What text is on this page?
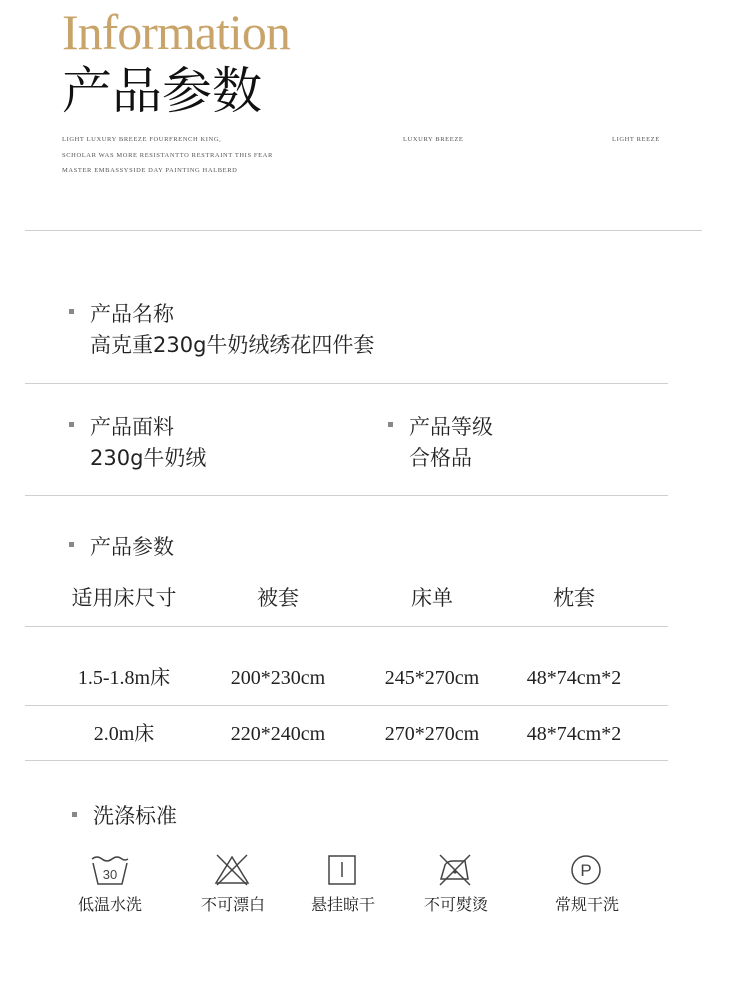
Information
产品参数
LIGHT LUXURY BREEZE FOURFRENCH KING,
SCHOLAR WAS MORE RESISTANTTO RESTRAINT THIS FEAR
MASTER EMBASSYSIDE DAY PAINTING HALBERD
LUXURY BREEZE	LIGHT REEZE
产品名称
高克重230g牛奶绒绣花四件套
产品面料
230g牛奶绒
产品等级
合格品
产品参数
适用床尺寸	被套	床单	枕套
1.5-1.8m床	200*230cm	245*270cm	48*74cm*2
2.0m床	220*240cm	270*270cm	48*74cm*2
洗涤标准
30
低温水洗	不可漂白	悬挂晾干	不可熨烫
P
常规干洗
